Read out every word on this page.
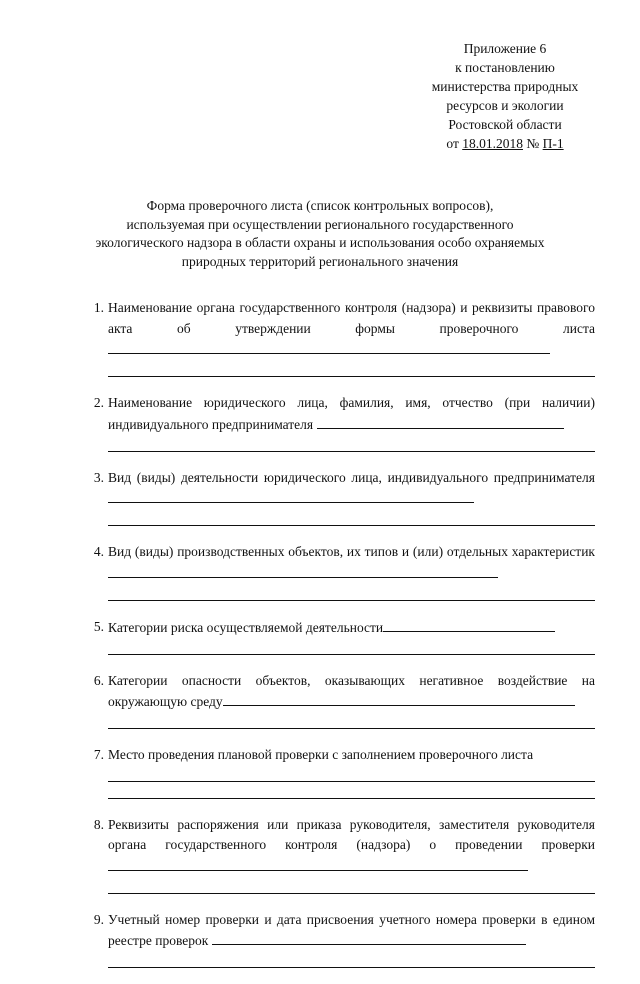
Приложение 6
к постановлению
министерства природных
ресурсов и экологии
Ростовской области
от 18.01.2018 № П-1
Форма проверочного листа (список контрольных вопросов),
используемая при осуществлении регионального государственного
экологического надзора в области охраны и использования особо охраняемых
природных территорий регионального значения
1. Наименование органа государственного контроля (надзора) и реквизиты правового акта об утверждении формы проверочного листа
2. Наименование юридического лица, фамилия, имя, отчество (при наличии) индивидуального предпринимателя
3. Вид (виды) деятельности юридического лица, индивидуального предпринимателя
4. Вид (виды) производственных объектов, их типов и (или) отдельных характеристик
5. Категории риска осуществляемой деятельности
6. Категории опасности объектов, оказывающих негативное воздействие на окружающую среду
7. Место проведения плановой проверки с заполнением проверочного листа
8. Реквизиты распоряжения или приказа руководителя, заместителя руководителя органа государственного контроля (надзора) о проведении проверки
9. Учетный номер проверки и дата присвоения учетного номера проверки в едином реестре проверок
